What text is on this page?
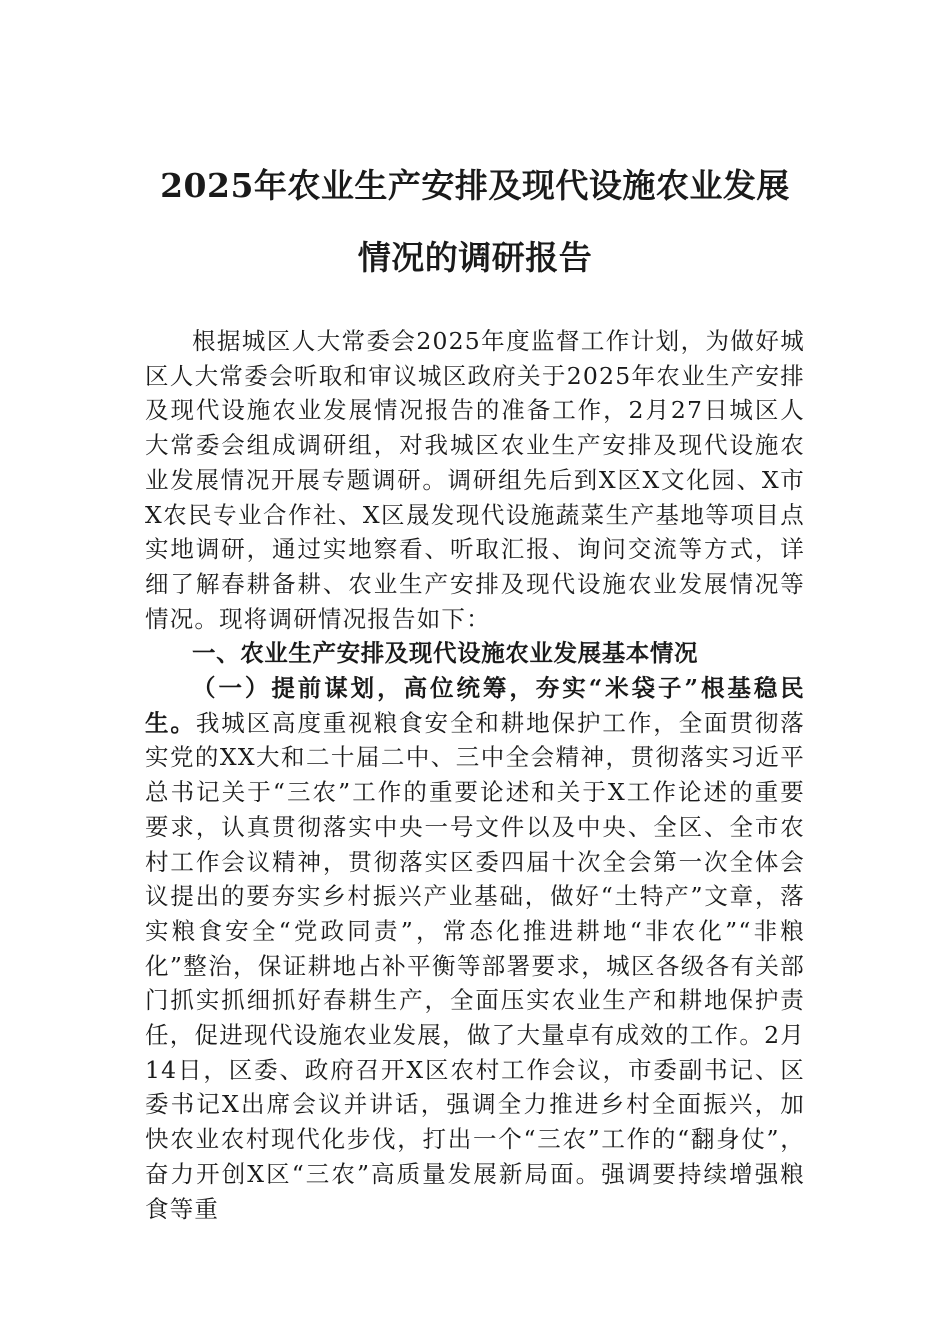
2025年农业生产安排及现代设施农业发展
情况的调研报告

根据城区人大常委会2025年度监督工作计划，为做好城区人大常委会听取和审议城区政府关于2025年农业生产安排及现代设施农业发展情况报告的准备工作，2月27日城区人大常委会组成调研组，对我城区农业生产安排及现代设施农业发展情况开展专题调研。调研组先后到X区X文化园、X市X农民专业合作社、X区晟发现代设施蔬菜生产基地等项目点实地调研，通过实地察看、听取汇报、询问交流等方式，详细了解春耕备耕、农业生产安排及现代设施农业发展情况等情况。现将调研情况报告如下：

一、农业生产安排及现代设施农业发展基本情况

（一）提前谋划，高位统筹，夯实“米袋子”根基稳民生。我城区高度重视粮食安全和耕地保护工作，全面贯彻落实党的XX大和二十届二中、三中全会精神，贯彻落实习近平总书记关于“三农”工作的重要论述和关于X工作论述的重要要求，认真贯彻落实中央一号文件以及中央、全区、全市农村工作会议精神，贯彻落实区委四届十次全会第一次全体会议提出的要夯实乡村振兴产业基础，做好“土特产”文章，落实粮食安全“党政同责”，常态化推进耕地“非农化”“非粮化”整治，保证耕地占补平衡等部署要求，城区各级各有关部门抓实抓细抓好春耕生产，全面压实农业生产和耕地保护责任，促进现代设施农业发展，做了大量卓有成效的工作。2月14日，区委、政府召开X区农村工作会议，市委副书记、区委书记X出席会议并讲话，强调全力推进乡村全面振兴，加快农业农村现代化步伐，打出一个“三农”工作的“翻身仗”，奋力开创X区“三农”高质量发展新局面。强调要持续增强粮食等重
